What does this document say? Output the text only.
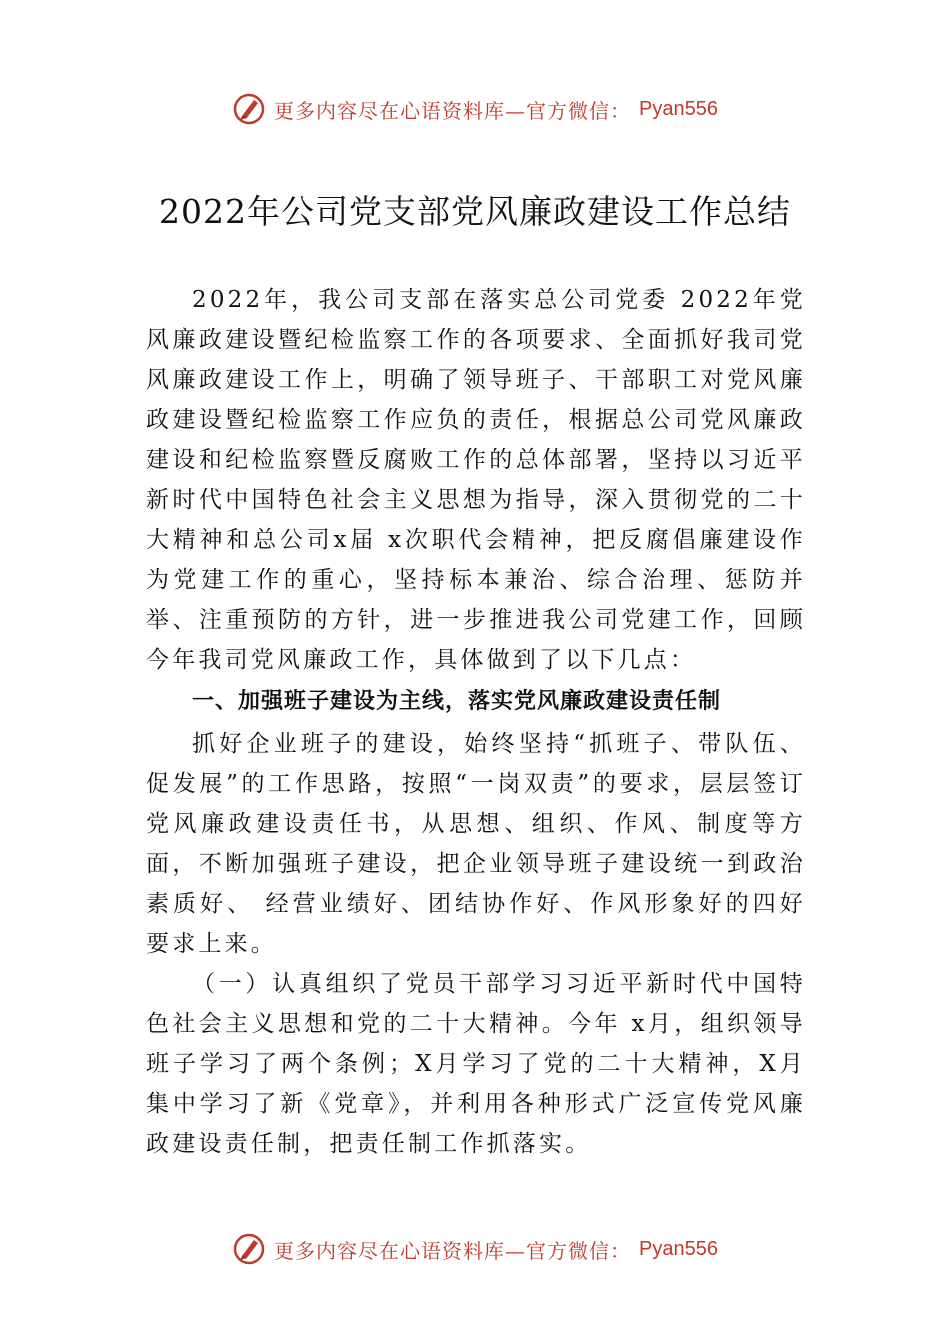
更多内容尽在心语资料库—官方微信： Pyan556
2022年公司党支部党风廉政建设工作总结

2022年，我公司支部在落实总公司党委 2022年党风廉政建设暨纪检监察工作的各项要求、全面抓好我司党风廉政建设工作上，明确了领导班子、干部职工对党风廉政建设暨纪检监察工作应负的责任，根据总公司党风廉政建设和纪检监察暨反腐败工作的总体部署，坚持以习近平新时代中国特色社会主义思想为指导，深入贯彻党的二十大精神和总公司x届 x次职代会精神，把反腐倡廉建设作为党建工作的重心，坚持标本兼治、综合治理、惩防并举、注重预防的方针，进一步推进我公司党建工作，回顾今年我司党风廉政工作，具体做到了以下几点：

一、加强班子建设为主线，落实党风廉政建设责任制

抓好企业班子的建设，始终坚持“抓班子、带队伍、促发展”的工作思路，按照“一岗双责”的要求，层层签订党风廉政建设责任书，从思想、组织、作风、制度等方面，不断加强班子建设，把企业领导班子建设统一到政治素质好、 经营业绩好、团结协作好、作风形象好的四好要求上来。

（一）认真组织了党员干部学习习近平新时代中国特色社会主义思想和党的二十大精神。今年 x月，组织领导班子学习了两个条例；X月学习了党的二十大精神，X月集中学习了新《党章》，并利用各种形式广泛宣传党风廉政建设责任制，把责任制工作抓落实。

更多内容尽在心语资料库—官方微信： Pyan556
